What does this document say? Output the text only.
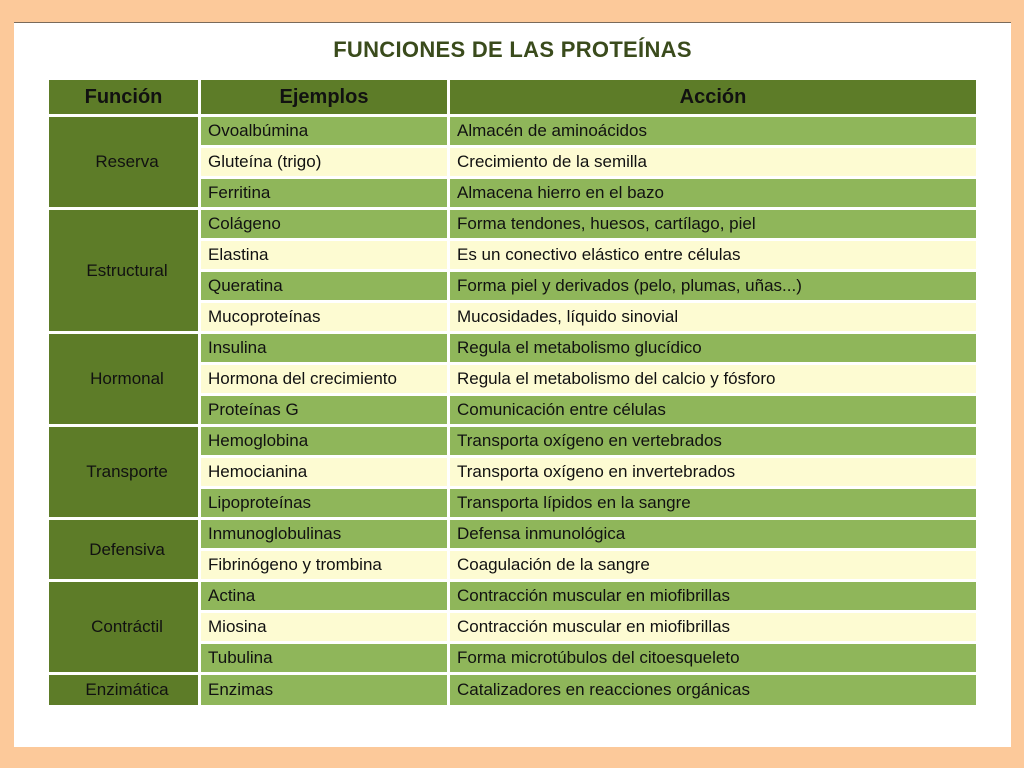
FUNCIONES DE LAS PROTEÍNAS
Función	Ejemplos	Acción
Reserva	Ovoalbúmina	Almacén de aminoácidos
	Gluteína (trigo)	Crecimiento de la semilla
	Ferritina	Almacena hierro en el bazo
Estructural	Colágeno	Forma tendones, huesos, cartílago, piel
	Elastina	Es un conectivo elástico entre células
	Queratina	Forma piel y derivados (pelo, plumas, uñas...)
	Mucoproteínas	Mucosidades, líquido sinovial
Hormonal	Insulina	Regula el metabolismo glucídico
	Hormona del crecimiento	Regula el metabolismo del calcio y fósforo
	Proteínas G	Comunicación entre células
Transporte	Hemoglobina	Transporta oxígeno en vertebrados
	Hemocianina	Transporta oxígeno en invertebrados
	Lipoproteínas	Transporta lípidos en la sangre
Defensiva	Inmunoglobulinas	Defensa inmunológica
	Fibrinógeno y trombina	Coagulación de la sangre
Contráctil	Actina	Contracción muscular en miofibrillas
	Miosina	Contracción muscular en miofibrillas
	Tubulina	Forma microtúbulos del citoesqueleto
Enzimática	Enzimas	Catalizadores en reacciones orgánicas
